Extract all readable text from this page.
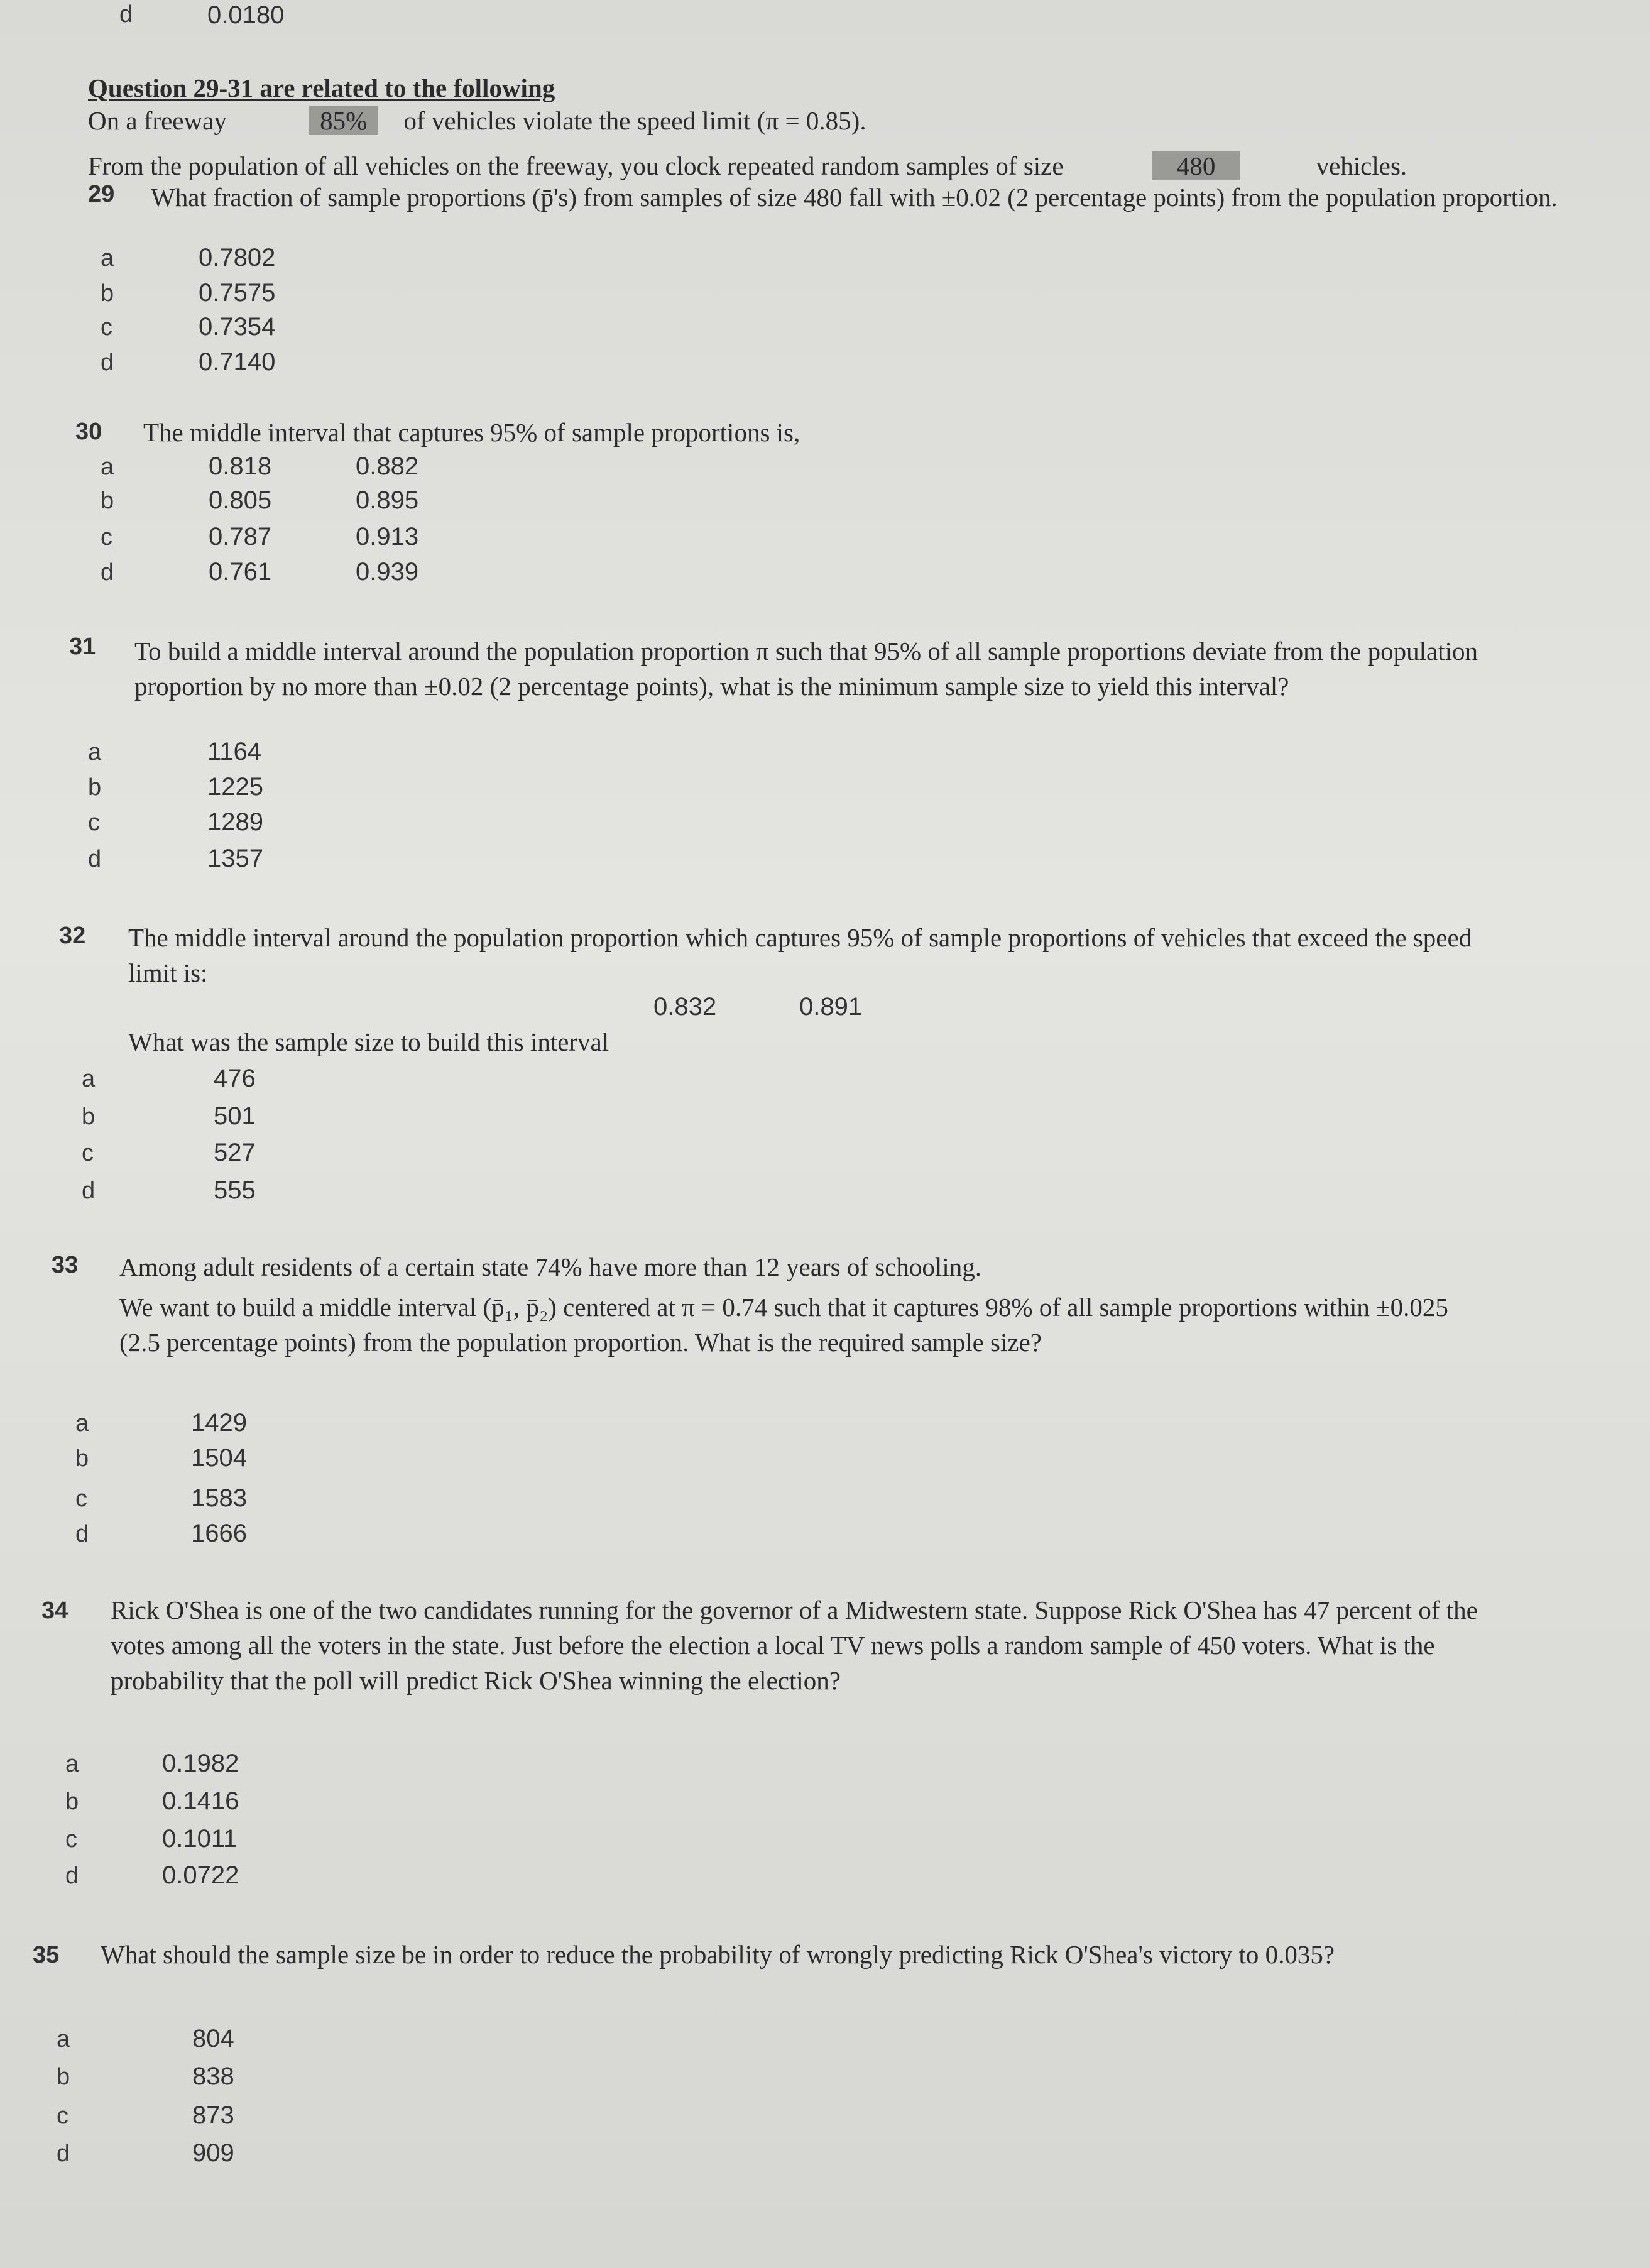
d	0.0180
Question 29-31 are related to the following
On a freeway	85% of vehicles violate the speed limit (π = 0.85).
From the population of all vehicles on the freeway, you clock repeated random samples of size	480	vehicles.
29 What fraction of sample proportions (p̄'s) from samples of size 480 fall with ±0.02 (2 percentage points) from the population proportion.
a	0.7802
b	0.7575
c	0.7354
d	0.7140
30 The middle interval that captures 95% of sample proportions is,
a	0.818	0.882
b	0.805	0.895
c	0.787	0.913
d	0.761	0.939
31 To build a middle interval around the population proportion π such that 95% of all sample proportions deviate from the population proportion by no more than ±0.02 (2 percentage points), what is the minimum sample size to yield this interval?
a	1164
b	1225
c	1289
d	1357
32 The middle interval around the population proportion which captures 95% of sample proportions of vehicles that exceed the speed limit is:
0.832	0.891
What was the sample size to build this interval
a	476
b	501
c	527
d	555
33 Among adult residents of a certain state 74% have more than 12 years of schooling.
We want to build a middle interval (p̄₁, p̄₂) centered at π = 0.74 such that it captures 98% of all sample proportions within ±0.025 (2.5 percentage points) from the population proportion. What is the required sample size?
a	1429
b	1504
c	1583
d	1666
34 Rick O'Shea is one of the two candidates running for the governor of a Midwestern state. Suppose Rick O'Shea has 47 percent of the votes among all the voters in the state. Just before the election a local TV news polls a random sample of 450 voters. What is the probability that the poll will predict Rick O'Shea winning the election?
a	0.1982
b	0.1416
c	0.1011
d	0.0722
35 What should the sample size be in order to reduce the probability of wrongly predicting Rick O'Shea's victory to 0.035?
a	804
b	838
c	873
d	909
